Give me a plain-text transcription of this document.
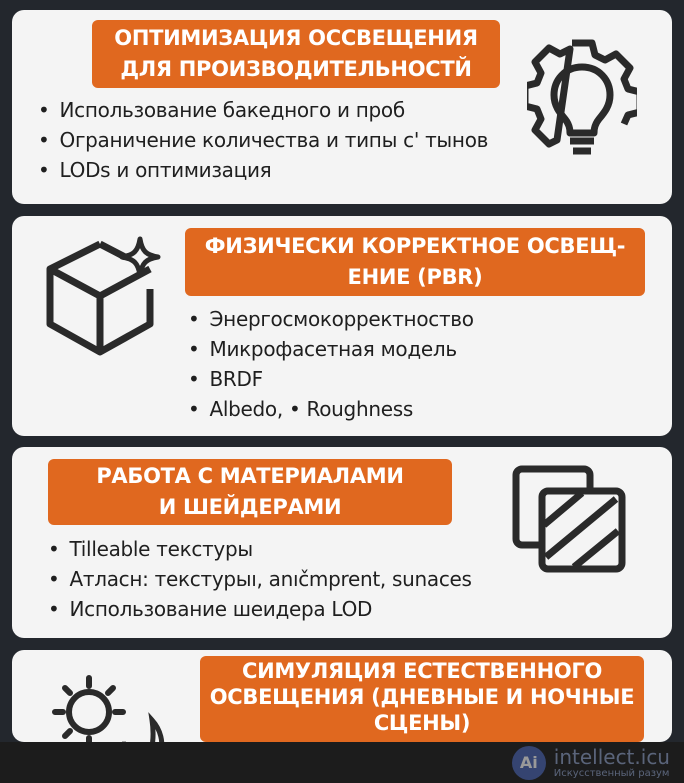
ОПТИМИЗАЦИЯ ОССВЕЩЕНИЯ
ДЛЯ ПРОИЗВОДИТЕЛЬНОСТЙ
• Использование бакедного и проб
• Ограничение количества и типы с' тынов
• LODs и оптимизация
ФИЗИЧЕСКИ КОРРЕКТНОЕ ОСВЕЩ-
ЕНИЕ (PBR)
• Энергосмокорректноство
• Микрофасетная модель
• BRDF
• Albedo, • Roughness
РАБОТА С МАТЕРИАЛАМИ
И ШЕЙДЕРАМИ
• Tilleable текстуры
• Атласн: текстурыı, anıčmprent, sunaces
• Использование шеидера LOD
СИМУЛЯЦИЯ ЕСТЕСТВЕННОГО
ОСВЕЩЕНИЯ (ДНЕВНЫЕ И НОЧНЫЕ
СЦЕНЫ)
Ai intellect.icu
Искусственный разум
